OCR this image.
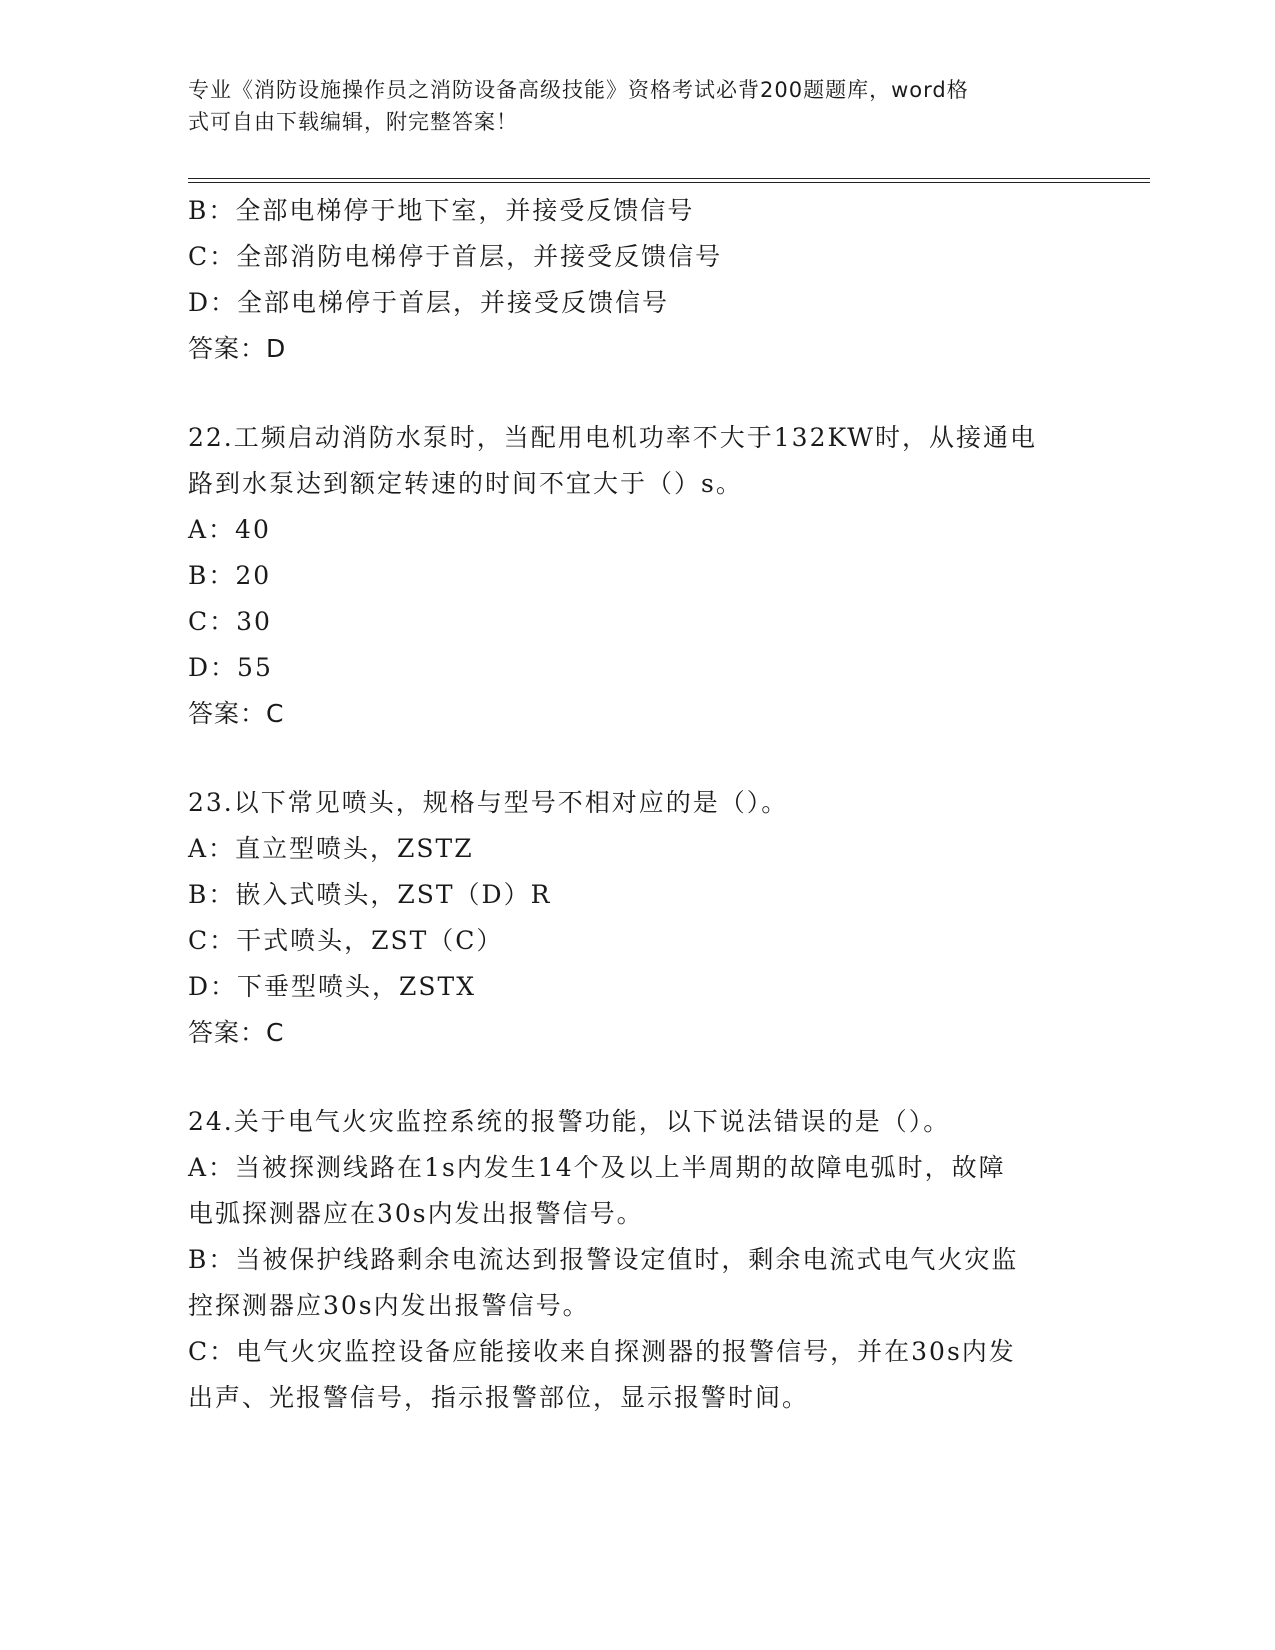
专业《消防设施操作员之消防设备高级技能》资格考试必背200题题库，word格
式可自由下载编辑，附完整答案！
B：全部电梯停于地下室，并接受反馈信号
C：全部消防电梯停于首层，并接受反馈信号
D：全部电梯停于首层，并接受反馈信号
答案：D
22.工频启动消防水泵时，当配用电机功率不大于132KW时，从接通电
路到水泵达到额定转速的时间不宜大于（）s。
A：40
B：20
C：30
D：55
答案：C
23.以下常见喷头，规格与型号不相对应的是（）。
A：直立型喷头，ZSTZ
B：嵌入式喷头，ZST（D）R
C：干式喷头，ZST（C）
D：下垂型喷头，ZSTX
答案：C
24.关于电气火灾监控系统的报警功能，以下说法错误的是（）。
A：当被探测线路在1s内发生14个及以上半周期的故障电弧时，故障
电弧探测器应在30s内发出报警信号。
B：当被保护线路剩余电流达到报警设定值时，剩余电流式电气火灾监
控探测器应30s内发出报警信号。
C：电气火灾监控设备应能接收来自探测器的报警信号，并在30s内发
出声、光报警信号，指示报警部位，显示报警时间。
